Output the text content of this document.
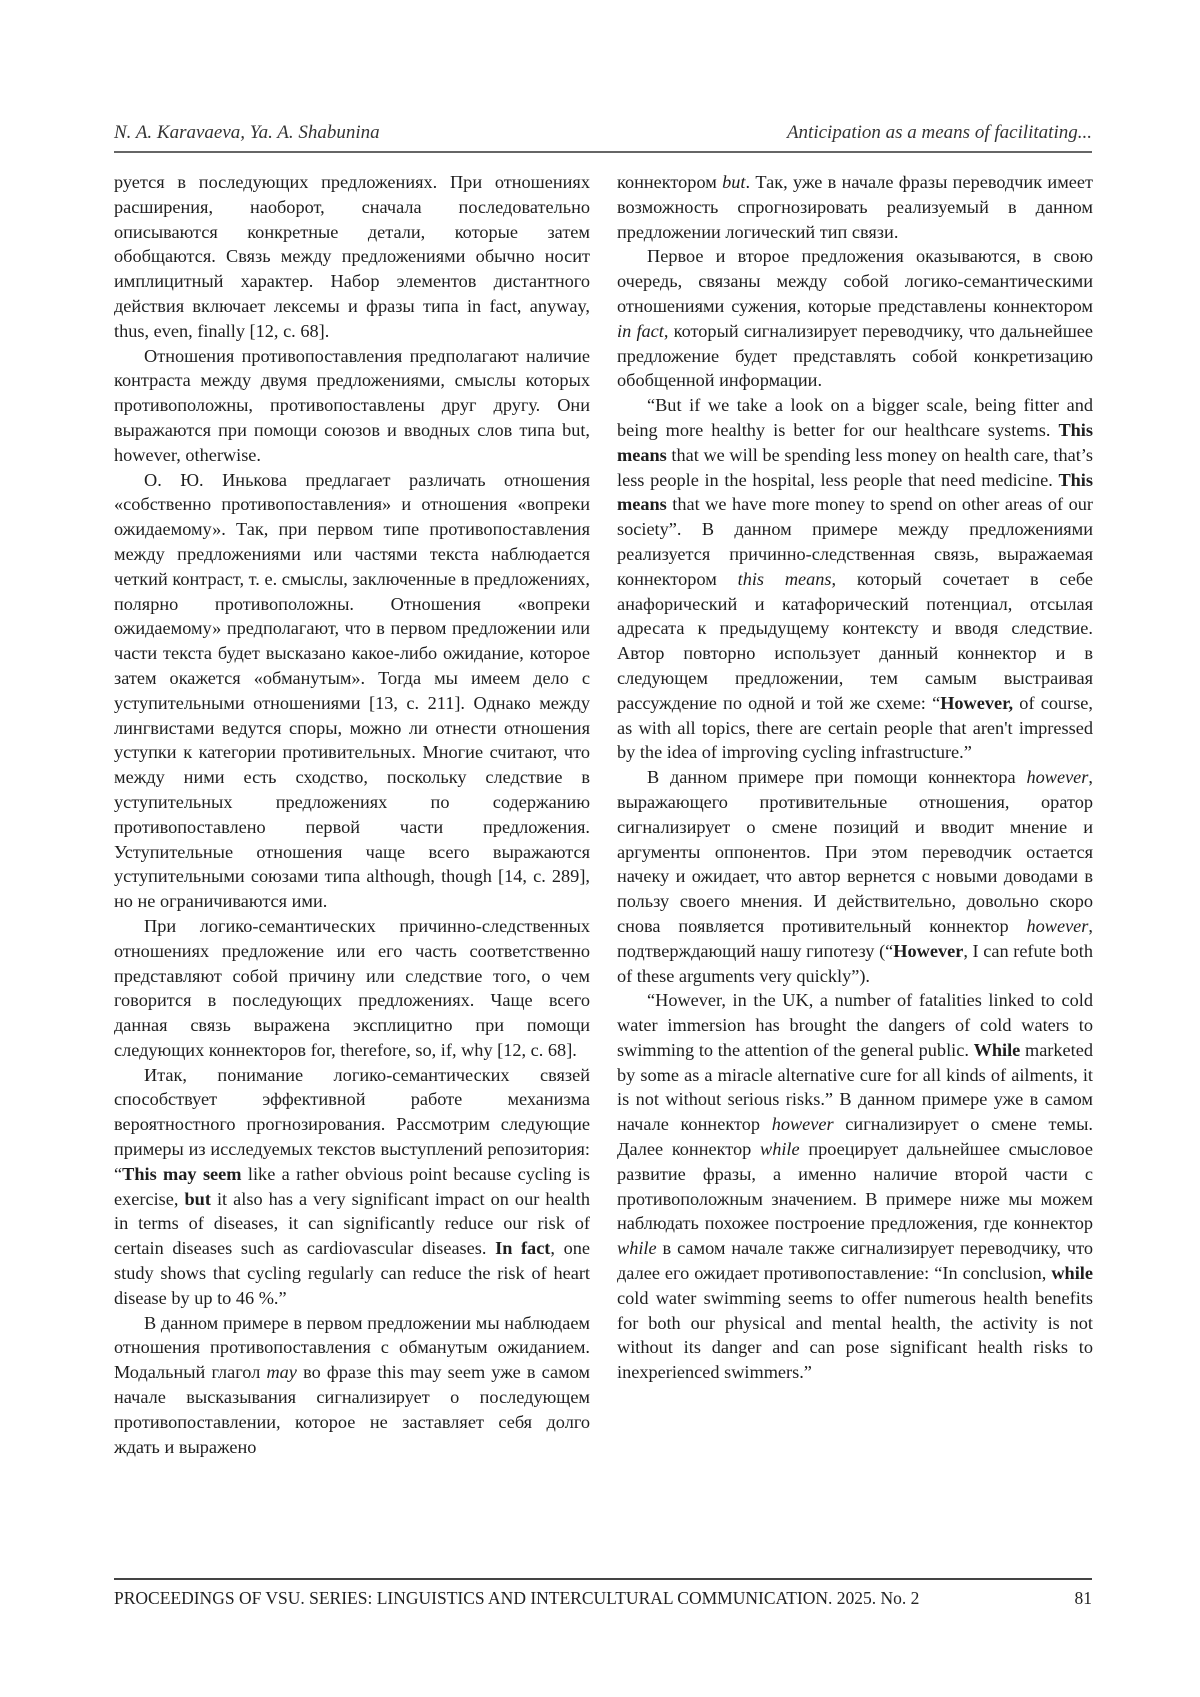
N. A. Karavaeva, Ya. A. Shabunina	Anticipation as a means of facilitating...

руется в последующих предложениях. При отношениях расширения, наоборот, сначала последовательно описываются конкретные детали, которые затем обобщаются. Связь между предложениями обычно носит имплицитный характер. Набор элементов дистантного действия включает лексемы и фразы типа in fact, anyway, thus, even, finally [12, с. 68].

Отношения противопоставления предполагают наличие контраста между двумя предложениями, смыслы которых противоположны, противопоставлены друг другу. Они выражаются при помощи союзов и вводных слов типа but, however, otherwise.

О. Ю. Инькова предлагает различать отношения «собственно противопоставления» и отношения «вопреки ожидаемому». Так, при первом типе противопоставления между предложениями или частями текста наблюдается четкий контраст, т. е. смыслы, заключенные в предложениях, полярно противоположны. Отношения «вопреки ожидаемому» предполагают, что в первом предложении или части текста будет высказано какое-либо ожидание, которое затем окажется «обманутым». Тогда мы имеем дело с уступительными отношениями [13, с. 211]. Однако между лингвистами ведутся споры, можно ли отнести отношения уступки к категории противительных. Многие считают, что между ними есть сходство, поскольку следствие в уступительных предложениях по содержанию противопоставлено первой части предложения. Уступительные отношения чаще всего выражаются уступительными союзами типа although, though [14, с. 289], но не ограничиваются ими.

При логико-семантических причинно-следственных отношениях предложение или его часть соответственно представляют собой причину или следствие того, о чем говорится в последующих предложениях. Чаще всего данная связь выражена эксплицитно при помощи следующих коннекторов for, therefore, so, if, why [12, с. 68].

Итак, понимание логико-семантических связей способствует эффективной работе механизма вероятностного прогнозирования. Рассмотрим следующие примеры из исследуемых текстов выступлений репозитория: “This may seem like a rather obvious point because cycling is exercise, but it also has a very significant impact on our health in terms of diseases, it can significantly reduce our risk of certain diseases such as cardiovascular diseases. In fact, one study shows that cycling regularly can reduce the risk of heart disease by up to 46 %.”

В данном примере в первом предложении мы наблюдаем отношения противопоставления с обманутым ожиданием. Модальный глагол may во фразе this may seem уже в самом начале высказывания сигнализирует о последующем противопоставлении, которое не заставляет себя долго ждать и выражено

коннектором but. Так, уже в начале фразы переводчик имеет возможность спрогнозировать реализуемый в данном предложении логический тип связи.

Первое и второе предложения оказываются, в свою очередь, связаны между собой логико-семантическими отношениями сужения, которые представлены коннектором in fact, который сигнализирует переводчику, что дальнейшее предложение будет представлять собой конкретизацию обобщенной информации.

“But if we take a look on a bigger scale, being fitter and being more healthy is better for our healthcare systems. This means that we will be spending less money on health care, that’s less people in the hospital, less people that need medicine. This means that we have more money to spend on other areas of our society”. В данном примере между предложениями реализуется причинно-следственная связь, выражаемая коннектором this means, который сочетает в себе анафорический и катафорический потенциал, отсылая адресата к предыдущему контексту и вводя следствие. Автор повторно использует данный коннектор и в следующем предложении, тем самым выстраивая рассуждение по одной и той же схеме: “However, of course, as with all topics, there are certain people that aren't impressed by the idea of improving cycling infrastructure.”

В данном примере при помощи коннектора however, выражающего противительные отношения, оратор сигнализирует о смене позиций и вводит мнение и аргументы оппонентов. При этом переводчик остается начеку и ожидает, что автор вернется с новыми доводами в пользу своего мнения. И действительно, довольно скоро снова появляется противительный коннектор however, подтверждающий нашу гипотезу (“However, I can refute both of these arguments very quickly”).

“However, in the UK, a number of fatalities linked to cold water immersion has brought the dangers of cold waters to swimming to the attention of the general public. While marketed by some as a miracle alternative cure for all kinds of ailments, it is not without serious risks.” В данном примере уже в самом начале коннектор however сигнализирует о смене темы. Далее коннектор while проецирует дальнейшее смысловое развитие фразы, а именно наличие второй части с противоположным значением. В примере ниже мы можем наблюдать похожее построение предложения, где коннектор while в самом начале также сигнализирует переводчику, что далее его ожидает противопоставление: “In conclusion, while cold water swimming seems to offer numerous health benefits for both our physical and mental health, the activity is not without its danger and can pose significant health risks to inexperienced swimmers.”

PROCEEDINGS OF VSU. SERIES: LINGUISTICS AND INTERCULTURAL COMMUNICATION. 2025. No. 2	81
